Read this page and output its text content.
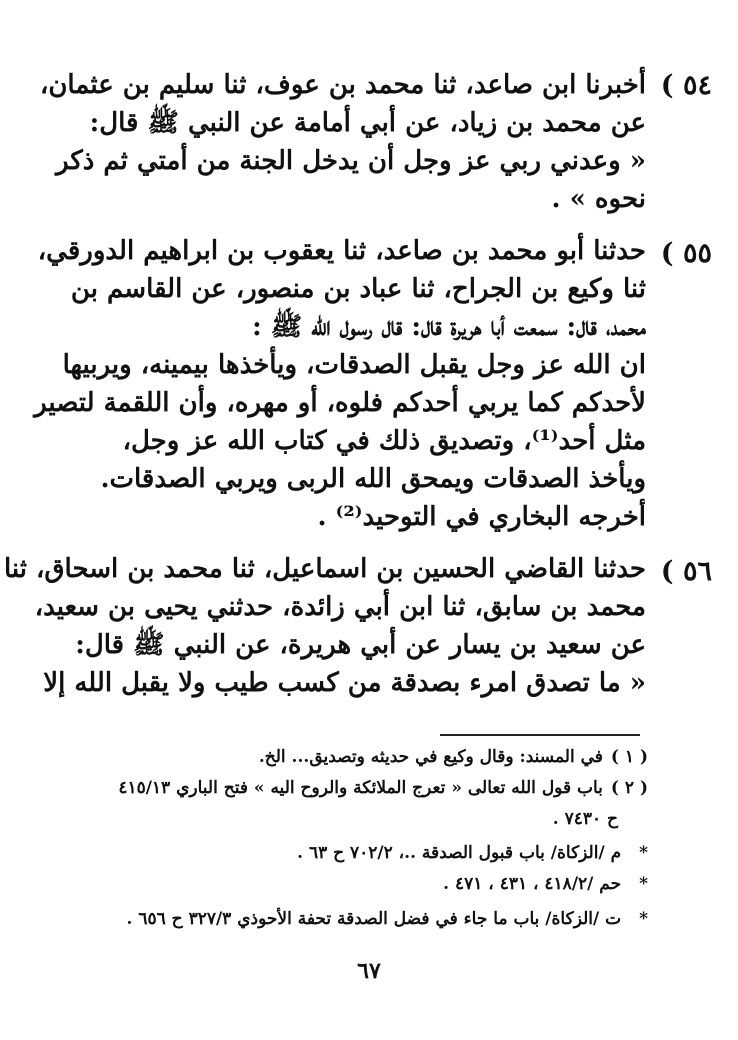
٥٤ )
أخبرنا ابن صاعد، ثنا محمد بن عوف، ثنا سليم بن عثمان،
عن محمد بن زياد، عن أبي أمامة عن النبي ﷺ قال:
« وعدني ربي عز وجل أن يدخل الجنة من أمتي ثم ذكر
نحوه » .
٥٥ )
حدثنا أبو محمد بن صاعد، ثنا يعقوب بن ابراهيم الدورقي،
ثنا وكيع بن الجراح، ثنا عباد بن منصور، عن القاسم بن
محمد، قال: سمعت أبا هريرة قال: قال رسول الله ﷺ :
ان الله عز وجل يقبل الصدقات، ويأخذها بيمينه، ويربيها
لأحدكم كما يربي أحدكم فلوه، أو مهره، وأن اللقمة لتصير
مثل أحد⁽¹⁾، وتصديق ذلك في كتاب الله عز وجل،
ويأخذ الصدقات ويمحق الله الربى ويربي الصدقات.
أخرجه البخاري في التوحيد⁽²⁾ .
٥٦ )
حدثنا القاضي الحسين بن اسماعيل، ثنا محمد بن اسحاق، ثنا
محمد بن سابق، ثنا ابن أبي زائدة، حدثني يحيى بن سعيد،
عن سعيد بن يسار عن أبي هريرة، عن النبي ﷺ قال:
« ما تصدق امرء بصدقة من كسب طيب ولا يقبل الله إلا
( ١ )في المسند: وقال وكيع في حديثه وتصديق... الخ.
( ٢ )باب قول الله تعالى « تعرج الملائكة والروح اليه » فتح الباري ٤١٥/١٣
ح ٧٤٣٠ .
*م /الزكاة/ باب قبول الصدقة ..، ٧٠٢/٢ ح ٦٣ .
*حم /٤١٨/٢ ، ٤٣١ ، ٤٧١ .
*ت /الزكاة/ باب ما جاء في فضل الصدقة تحفة الأحوذي ٣٢٧/٣ ح ٦٥٦ .
٦٧
